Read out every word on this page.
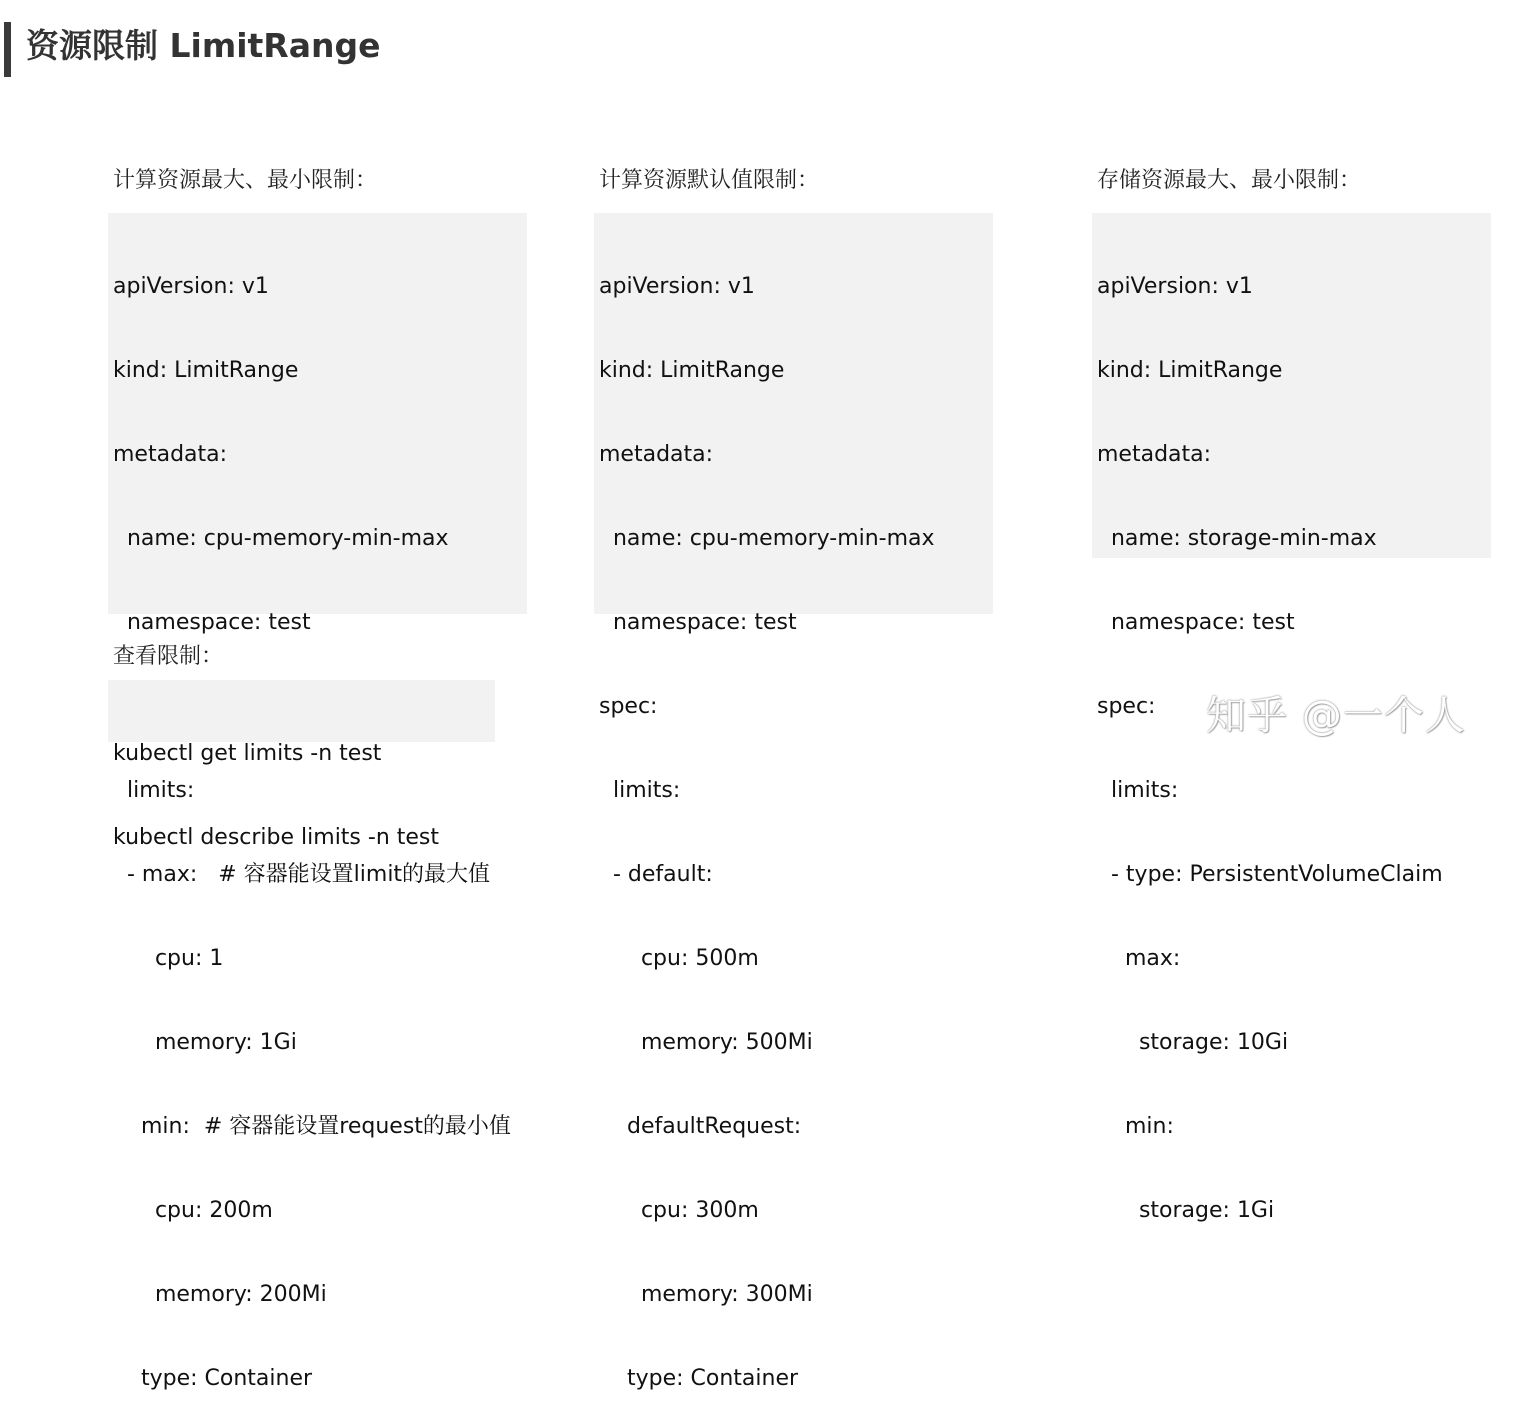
资源限制 LimitRange

计算资源最大、最小限制：

apiVersion: v1

kind: LimitRange

metadata:

name: cpu-memory-min-max

namespace: test

limits:

- max:   # 容器能设置limit的最大值

cpu: 1

memory: 1Gi

min:  # 容器能设置request的最小值

cpu: 200m

memory: 200Mi

type: Container

计算资源默认值限制：

apiVersion: v1

kind: LimitRange

metadata:

name: cpu-memory-min-max

namespace: test

spec:

limits:

- default:

cpu: 500m

memory: 500Mi

defaultRequest:

cpu: 300m

memory: 300Mi

type: Container

存储资源最大、最小限制：

apiVersion: v1

kind: LimitRange

metadata:

name: storage-min-max

namespace: test

spec:

limits:

- type: PersistentVolumeClaim

max:

storage: 10Gi

min:

storage: 1Gi

查看限制：

kubectl get limits -n test

kubectl describe limits -n test

知乎 @一个人
